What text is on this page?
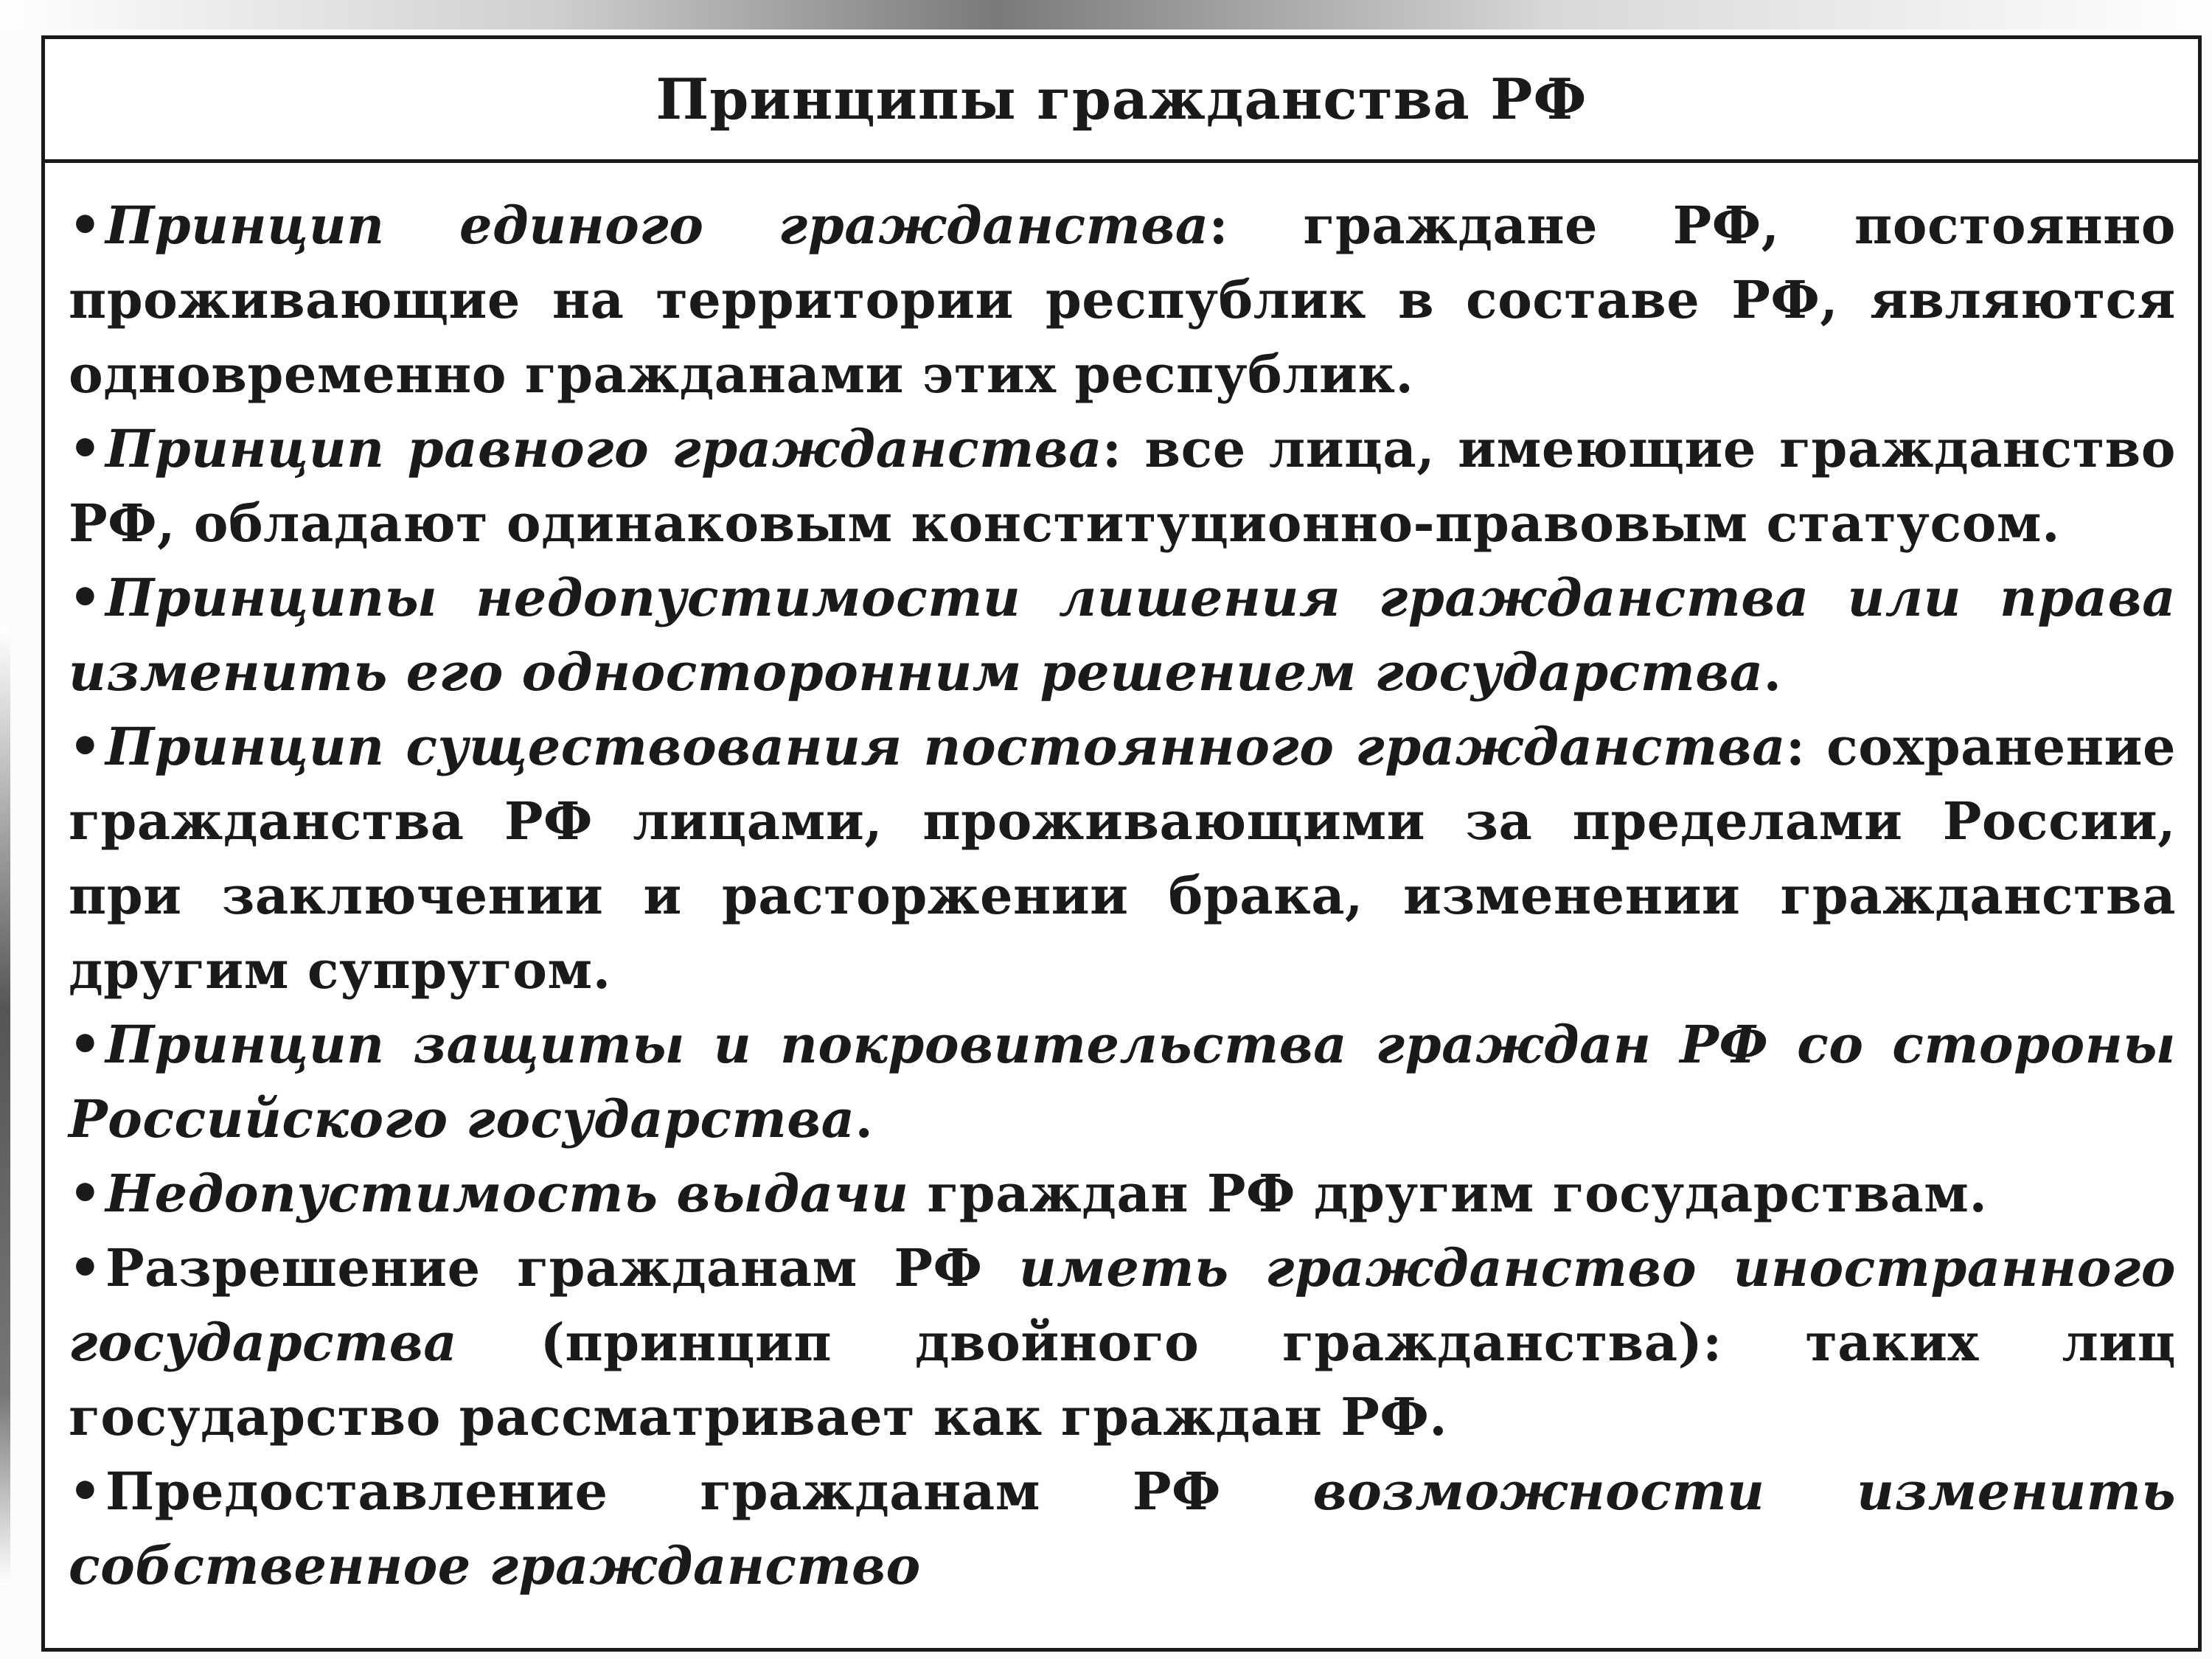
Принципы гражданства РФ
•Принцип единого гражданства: граждане РФ, постоянно проживающие на территории республик в составе РФ, являются одновременно гражданами этих республик.
•Принцип равного гражданства: все лица, имеющие гражданство РФ, обладают одинаковым конституционно-правовым статусом.
•Принципы недопустимости лишения гражданства или права изменить его односторонним решением государства.
•Принцип существования постоянного гражданства: сохранение гражданства РФ лицами, проживающими за пределами России, при заключении и расторжении брака, изменении гражданства другим супругом.
•Принцип защиты и покровительства граждан РФ со стороны Российского государства.
•Недопустимость выдачи граждан РФ другим государствам.
•Разрешение гражданам РФ иметь гражданство иностранного государства (принцип двойного гражданства): таких лиц государство рассматривает как граждан РФ.
•Предоставление гражданам РФ возможности изменить собственное гражданство
